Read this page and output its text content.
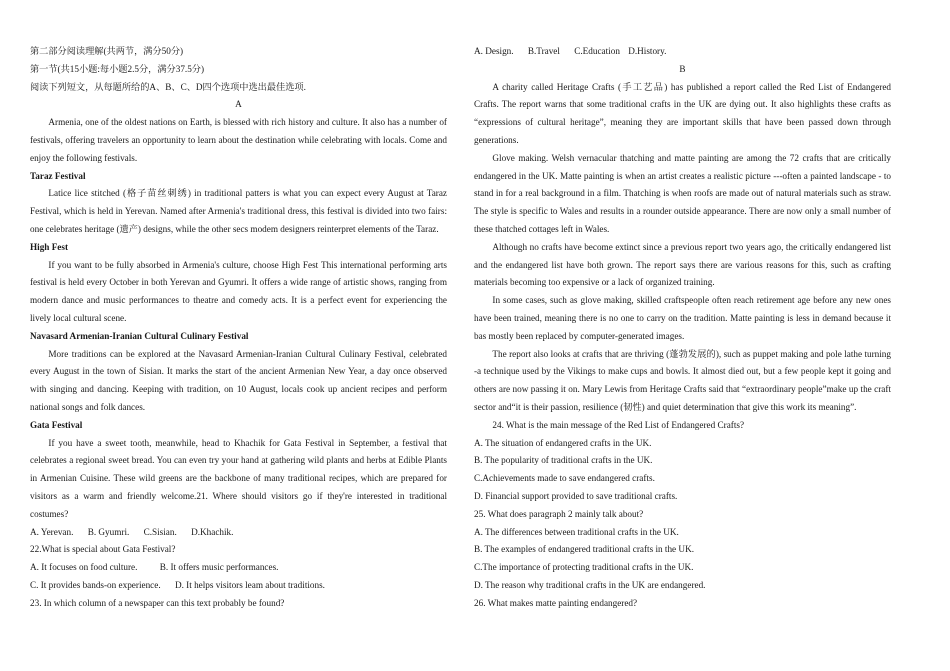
第二部分阅读理解(共两节，满分50分)

第一节(共15小题:每小题2.5分，满分37.5分)

阅读下列短文，从每题所给的A、B、C、D四个选项中选出最佳选项.

A

Armenia, one of the oldest nations on Earth, is blessed with rich history and culture. It also has a number of festivals, offering travelers an opportunity to learn about the destination while celebrating with locals. Come and enjoy the following festivals.

Taraz Festival

Latice lice stitched (格子苗丝刺绣) in traditional patters is what you can expect every August at Taraz Festival, which is held in Yerevan. Named after Armenia's traditional dress, this festival is divided into two fairs: one celebrates heritage (遗产) designs, while the other secs modem designers reinterpret elements of the Taraz.

High Fest

If you want to be fully absorbed in Armenia's culture, choose High Fest This international performing arts festival is held every October in both Yerevan and Gyumri. It offers a wide range of artistic shows, ranging from modern dance and music performances to theatre and comedy acts. It is a perfect event for experiencing the lively local cultural scene.

Navasard Armenian-Iranian Cultural Culinary Festival

More traditions can be explored at the Navasard Armenian-Iranian Cultural Culinary Festival, celebrated every August in the town of Sisian. It marks the start of the ancient Armenian New Year, a day once observed with singing and dancing. Keeping with tradition, on 10 August, locals cook up ancient recipes and perform national songs and folk dances.

Gata Festival

If you have a sweet tooth, meanwhile, head to Khachik for Gata Festival in September, a festival that celebrates a regional sweet bread. You can even try your hand at gathering wild plants and herbs at Edible Plants in Armenian Cuisine. These wild greens are the backbone of many traditional recipes, which are prepared for visitors as a warm and friendly welcome.21. Where should visitors go if they're interested in traditional costumes?

A. Yerevan. B. Gyumri. C.Sisian. D.Khachik.

22.What is special about Gata Festival?

A. It focuses on food culture. B. It offers music performances.

C. It provides bands-on experience. D. It helps visitors leam about traditions.

23. In which column of a newspaper can this text probably be found?

A. Design. B.Travel C.Education D.History.

B

A charity called Heritage Crafts (手工艺品) has published a report called the Red List of Endangered Crafts. The report warns that some traditional crafts in the UK are dying out. It also highlights these crafts as “expressions of cultural heritage”, meaning they are important skills that have been passed down through generations.

Glove making. Welsh vernacular thatching and matte painting are among the 72 crafts that are critically endangered in the UK. Matte painting is when an artist creates a realistic picture ---often a painted landscape - to stand in for a real background in a film. Thatching is when roofs are made out of natural materials such as straw. The style is specific to Wales and results in a rounder outside appearance. There are now only a small number of these thatched cottages left in Wales.

Although no crafts have become extinct since a previous report two years ago, the critically endangered list and the endangered list have both grown. The report says there are various reasons for this, such as crafting materials becoming too expensive or a lack of organized training.

In some cases, such as glove making, skilled craftspeople often reach retirement age before any new ones have been trained, meaning there is no one to carry on the tradition. Matte painting is less in demand because it bas mostly been replaced by computer-generated images.

The report also looks at crafts that are thriving (蓬勃发展的), such as puppet making and pole lathe turning -a technique used by the Vikings to make cups and bowls. It almost died out, but a few people kept it going and others are now passing it on. Mary Lewis from Heritage Crafts said that “extraordinary people”make up the craft sector and“it is their passion, resilience (韧性) and quiet determination that give this work its meaning”.

24. What is the main message of the Red List of Endangered Crafts?

A. The situation of endangered crafts in the UK.

B. The popularity of traditional crafts in the UK.

C.Achievements made to save endangered crafts.

D. Financial support provided to save traditional crafts.

25. What does paragraph 2 mainly talk about?

A. The differences between traditional crafts in the UK.

B. The examples of endangered traditional crafts in the UK.

C.The importance of protecting traditional crafts in the UK.

D. The reason why traditional crafts in the UK are endangered.

26. What makes matte painting endangered?
